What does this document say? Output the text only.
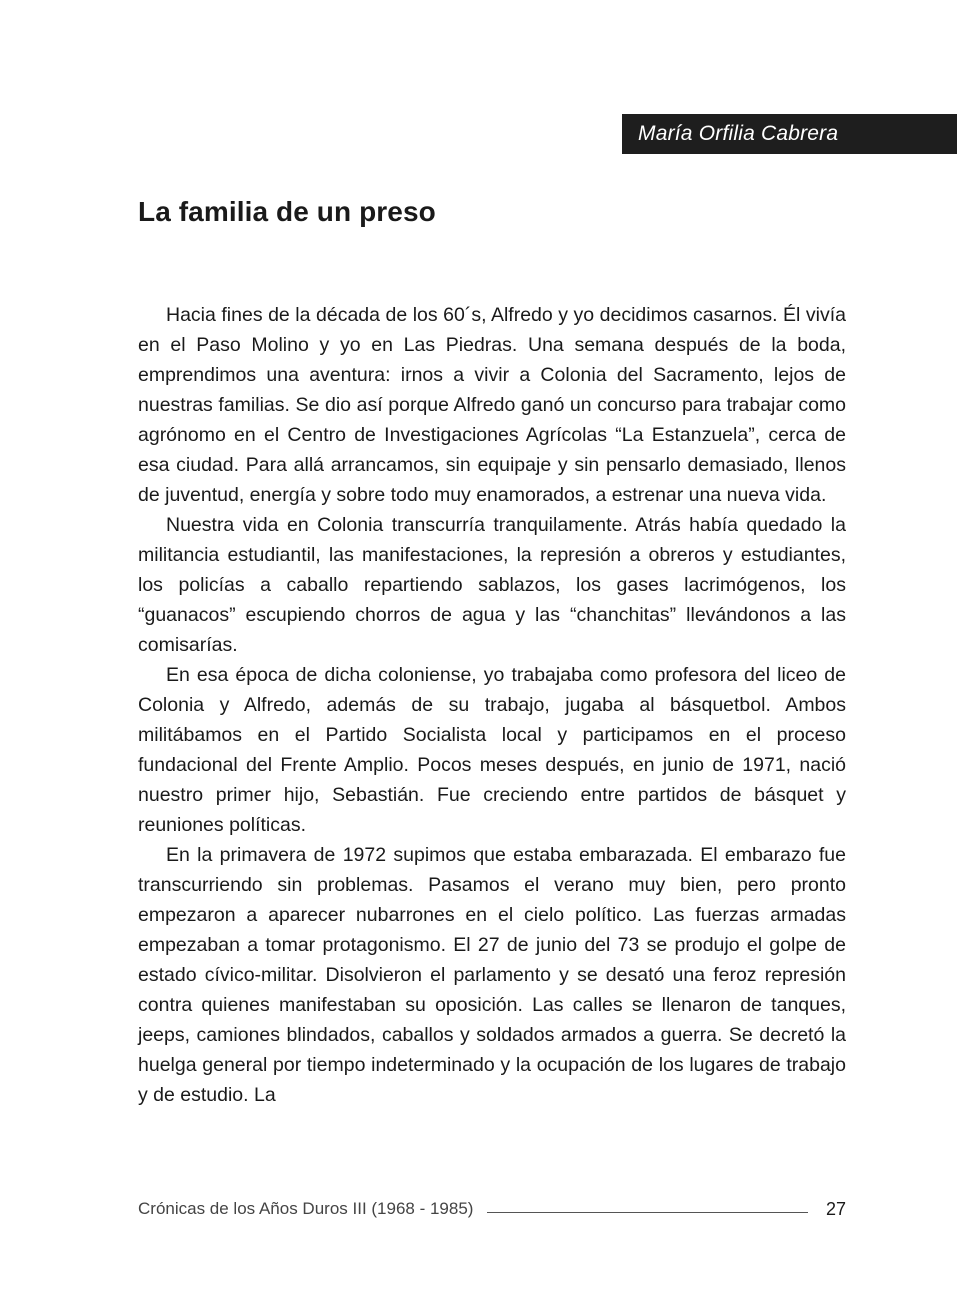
María Orfilia Cabrera
La familia de un preso

Hacia fines de la década de los 60´s, Alfredo y yo decidimos casarnos. Él vivía en el Paso Molino y yo en Las Piedras. Una semana después de la boda, emprendimos una aventura: irnos a vivir a Colonia del Sacramento, lejos de nuestras familias. Se dio así porque Alfredo ganó un concurso para trabajar como agrónomo en el Centro de Investigaciones Agrícolas “La Estanzuela”, cerca de esa ciudad. Para allá arrancamos, sin equipaje y sin pensarlo demasiado, llenos de juventud, energía y sobre todo muy enamorados, a estrenar una nueva vida.

Nuestra vida en Colonia transcurría tranquilamente. Atrás había quedado la militancia estudiantil, las manifestaciones, la represión a obreros y estudiantes, los policías a caballo repartiendo sablazos, los gases lacrimógenos, los “guanacos” escupiendo chorros de agua y las “chanchitas” llevándonos a las comisarías.

En esa época de dicha coloniense, yo trabajaba como profesora del liceo de Colonia y Alfredo, además de su trabajo, jugaba al básquetbol. Ambos militábamos en el Partido Socialista local y participamos en el proceso fundacional del Frente Amplio. Pocos meses después, en junio de 1971, nació nuestro primer hijo, Sebastián. Fue creciendo entre partidos de básquet y reuniones políticas.

En la primavera de 1972 supimos que estaba embarazada. El embarazo fue transcurriendo sin problemas. Pasamos el verano muy bien, pero pronto empezaron a aparecer nubarrones en el cielo político. Las fuerzas armadas empezaban a tomar protagonismo. El 27 de junio del 73 se produjo el golpe de estado cívico-militar. Disolvieron el parlamento y se desató una feroz represión contra quienes manifestaban su oposición. Las calles se llenaron de tanques, jeeps, camiones blindados, caballos y soldados armados a guerra. Se decretó la huelga general por tiempo indeterminado y la ocupación de los lugares de trabajo y de estudio. La

Crónicas de los Años Duros III (1968 - 1985)	27
